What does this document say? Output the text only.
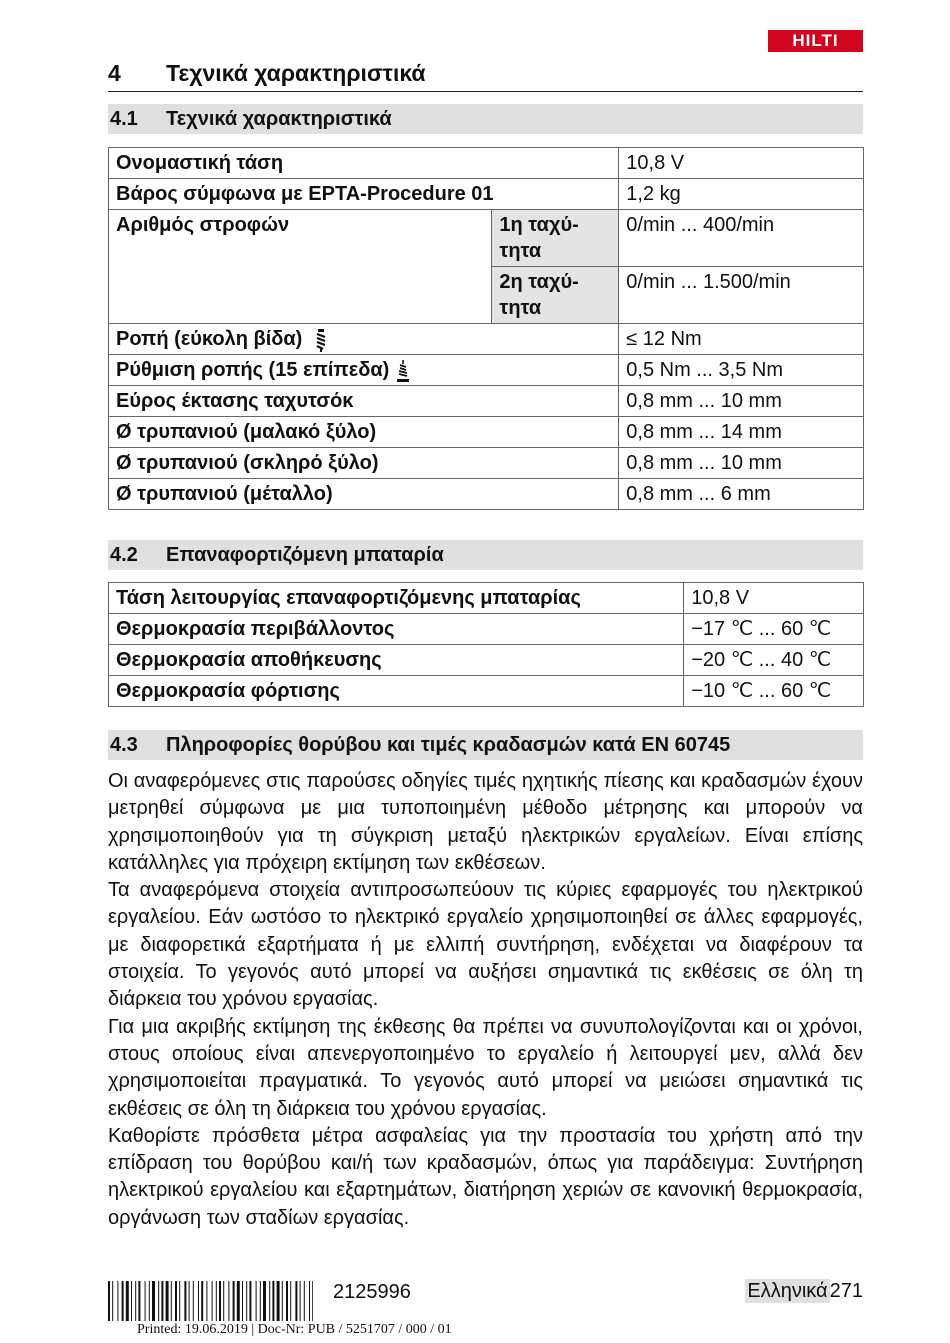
HILTI
4 Τεχνικά χαρακτηριστικά
4.1 Τεχνικά χαρακτηριστικά
Ονομαστική τάση		10,8 V
Βάρος σύμφωνα με EPTA-Procedure 01		1,2 kg
Αριθμός στροφών	1η ταχύ- τητα	0/min ... 400/min
	2η ταχύ- τητα	0/min ... 1.500/min
Ροπή (εύκολη βίδα)		≤ 12 Nm
Ρύθμιση ροπής (15 επίπεδα)		0,5 Nm ... 3,5 Nm
Εύρος έκτασης ταχυτσόκ		0,8 mm ... 10 mm
Ø τρυπανιού (μαλακό ξύλο)		0,8 mm ... 14 mm
Ø τρυπανιού (σκληρό ξύλο)		0,8 mm ... 10 mm
Ø τρυπανιού (μέταλλο)		0,8 mm ... 6 mm
4.2 Επαναφορτιζόμενη μπαταρία
Τάση λειτουργίας επαναφορτιζόμενης μπαταρίας	10,8 V
Θερμοκρασία περιβάλλοντος	−17 ℃ ... 60 ℃
Θερμοκρασία αποθήκευσης	−20 ℃ ... 40 ℃
Θερμοκρασία φόρτισης	−10 ℃ ... 60 ℃
4.3 Πληροφορίες θορύβου και τιμές κραδασμών κατά EN 60745

Οι αναφερόμενες στις παρούσες οδηγίες τιμές ηχητικής πίεσης και κραδασμών έχουν μετρηθεί σύμφωνα με μια τυποποιημένη μέθοδο μέτρησης και μπορούν να χρησιμοποιηθούν για τη σύγκριση μεταξύ ηλεκτρικών εργαλείων. Είναι επίσης κατάλληλες για πρόχειρη εκτίμηση των εκθέσεων.

Τα αναφερόμενα στοιχεία αντιπροσωπεύουν τις κύριες εφαρμογές του ηλεκτρικού εργαλείου. Εάν ωστόσο το ηλεκτρικό εργαλείο χρησιμοποιηθεί σε άλλες εφαρμογές, με διαφορετικά εξαρτήματα ή με ελλιπή συντήρηση, ενδέχεται να διαφέρουν τα στοιχεία. Το γεγονός αυτό μπορεί να αυξήσει σημαντικά τις εκθέσεις σε όλη τη διάρκεια του χρόνου εργασίας.

Για μια ακριβής εκτίμηση της έκθεσης θα πρέπει να συνυπολογίζονται και οι χρόνοι, στους οποίους είναι απενεργοποιημένο το εργαλείο ή λειτουργεί μεν, αλλά δεν χρησιμοποιείται πραγματικά. Το γεγονός αυτό μπορεί να μειώσει σημαντικά τις εκθέσεις σε όλη τη διάρκεια του χρόνου εργασίας.

Καθορίστε πρόσθετα μέτρα ασφαλείας για την προστασία του χρήστη από την επίδραση του θορύβου και/ή των κραδασμών, όπως για παράδειγμα: Συντήρηση ηλεκτρικού εργαλείου και εξαρτημάτων, διατήρηση χεριών σε κανονική θερμοκρασία, οργάνωση των σταδίων εργασίας.

2125996
Printed: 19.06.2019 | Doc-Nr: PUB / 5251707 / 000 / 01
Ελληνικά 271
